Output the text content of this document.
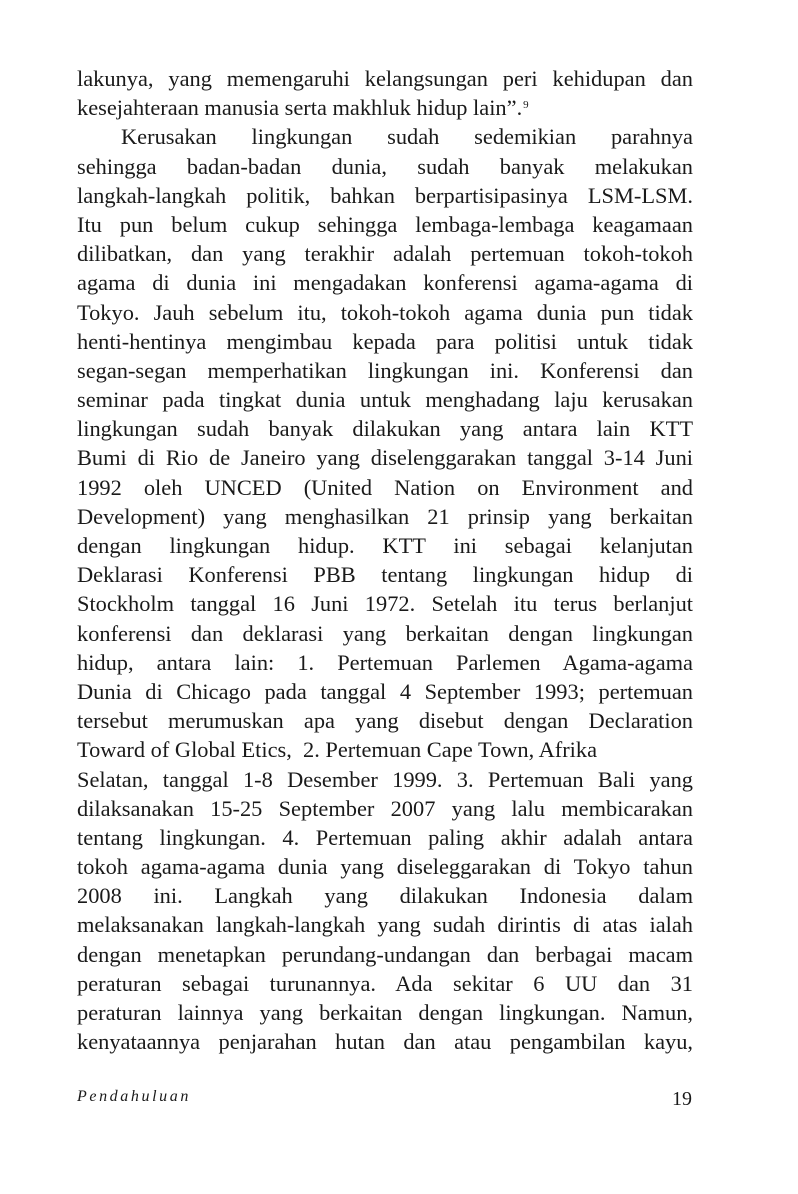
lakunya, yang memengaruhi kelangsungan peri kehidupan dan
kesejahteraan manusia serta makhluk hidup lain”.$^9$
Kerusakan lingkungan sudah sedemikian parahnya
sehingga badan-badan dunia, sudah banyak melakukan
langkah-langkah politik, bahkan berpartisipasinya LSM-LSM.
Itu pun belum cukup sehingga lembaga-lembaga keagamaan
dilibatkan, dan yang terakhir adalah pertemuan tokoh-tokoh
agama di dunia ini mengadakan konferensi agama-agama di
Tokyo. Jauh sebelum itu, tokoh-tokoh agama dunia pun tidak
henti-hentinya mengimbau kepada para politisi untuk tidak
segan-segan memperhatikan lingkungan ini. Konferensi dan
seminar pada tingkat dunia untuk menghadang laju kerusakan
lingkungan sudah banyak dilakukan yang antara lain KTT
Bumi di Rio de Janeiro yang diselenggarakan tanggal 3-14 Juni
1992 oleh UNCED (United Nation on Environment and
Development) yang menghasilkan 21 prinsip yang berkaitan
dengan lingkungan hidup. KTT ini sebagai kelanjutan
Deklarasi Konferensi PBB tentang lingkungan hidup di
Stockholm tanggal 16 Juni 1972. Setelah itu terus berlanjut
konferensi dan deklarasi yang berkaitan dengan lingkungan
hidup, antara lain: 1. Pertemuan Parlemen Agama-agama
Dunia di Chicago pada tanggal 4 September 1993; pertemuan
tersebut merumuskan apa yang disebut dengan Declaration
Toward of Global Etics,  2. Pertemuan Cape Town, Afrika
Selatan, tanggal 1-8 Desember 1999. 3. Pertemuan Bali yang
dilaksanakan 15-25 September 2007 yang lalu membicarakan
tentang lingkungan. 4. Pertemuan paling akhir adalah antara
tokoh agama-agama dunia yang diseleggarakan di Tokyo tahun
2008 ini. Langkah yang dilakukan Indonesia dalam
melaksanakan langkah-langkah yang sudah dirintis di atas ialah
dengan menetapkan perundang-undangan dan berbagai macam
peraturan sebagai turunannya. Ada sekitar 6 UU dan 31
peraturan lainnya yang berkaitan dengan lingkungan. Namun,
kenyataannya penjarahan hutan dan atau pengambilan kayu,
Pendahuluan	19
